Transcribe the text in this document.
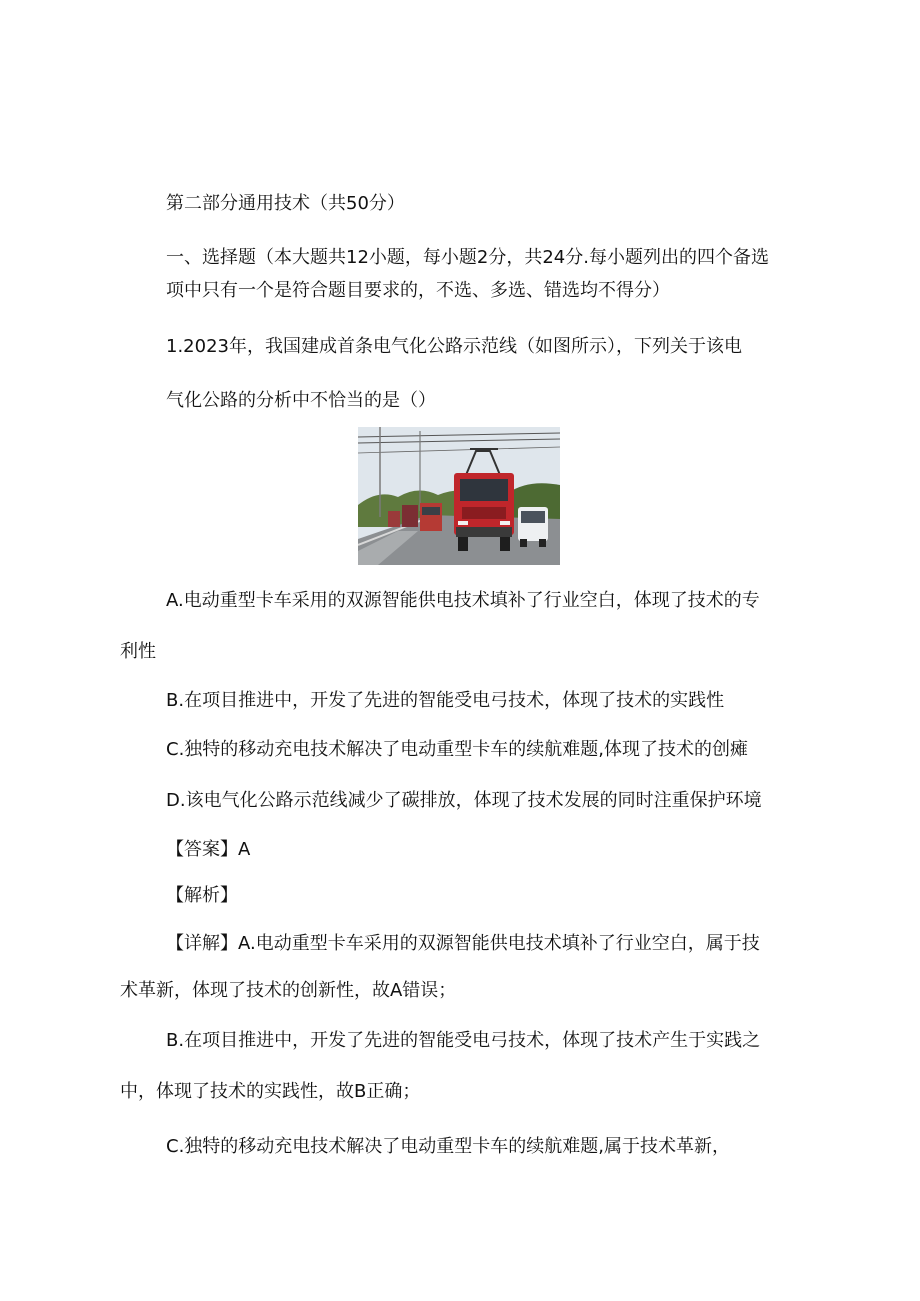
第二部分通用技术（共50分）
一、选择题（本大题共12小题，每小题2分，共24分.每小题列出的四个备选
项中只有一个是符合题目要求的，不选、多选、错选均不得分）
1.2023年，我国建成首条电气化公路示范线（如图所示），下列关于该电
气化公路的分析中不恰当的是（）
A.电动重型卡车采用的双源智能供电技术填补了行业空白，体现了技术的专
利性
B.在项目推进中，开发了先进的智能受电弓技术，体现了技术的实践性
C.独特的移动充电技术解决了电动重型卡车的续航难题,体现了技术的创瘫
D.该电气化公路示范线减少了碳排放，体现了技术发展的同时注重保护环境
【答案】A
【解析】
【详解】A.电动重型卡车采用的双源智能供电技术填补了行业空白，属于技
术革新，体现了技术的创新性，故A错误；
B.在项目推进中，开发了先进的智能受电弓技术，体现了技术产生于实践之
中，体现了技术的实践性，故B正确；
C.独特的移动充电技术解决了电动重型卡车的续航难题,属于技术革新，
